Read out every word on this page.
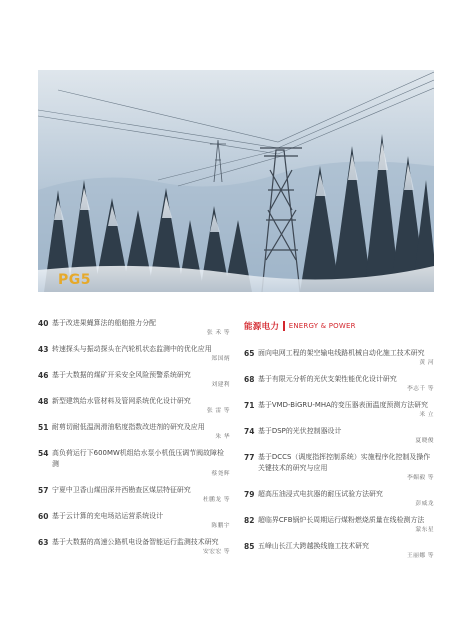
PG5
40 基于改进果蝇算法的船舶推力分配
张 禾 等
43 转速探头与振动探头在汽轮机状态监测中的优化应用
郑国炳
46 基于大数据的煤矿开采安全风险预警系统研究
刘建利
48 新型建筑给水管材料及管网系统优化设计研究
张 雷 等
51 耐剪切耐低温润滑油粘度指数改进剂的研究及应用
朱 华
54 高负荷运行下600MW机组给水泵小机低压调节阀故障检测
蔡尧辉
57 宁夏中卫香山煤田深井西勘查区煤层特征研究
杜鹏龙 等
60 基于云计算的充电场站运营系统设计
陈鹏宇
63 基于大数据的高速公路机电设备智能运行监测技术研究
安宏宏 等
能源电力 ENERGY & POWER
65 面向电网工程的架空输电线路机械自动化施工技术研究
黄 河
68 基于有限元分析的光伏支架性能优化设计研究
李志千 等
71 基于VMD-BiGRU-MHA的变压器表面温度预测方法研究
米 立
74 基于DSP的光伏控制器设计
夏晓俊
77 基于DCCS（调度指挥控制系统）实施程序化控制及操作关键技术的研究与应用
李媚毅 等
79 超高压油浸式电抗器的耐压试验方法研究
彭威龙
82 超临界CFB锅炉长周期运行煤粉燃烧质量在线检测方法
蒙东星
85 五峰山长江大跨越换线施工技术研究
王丽娜 等
